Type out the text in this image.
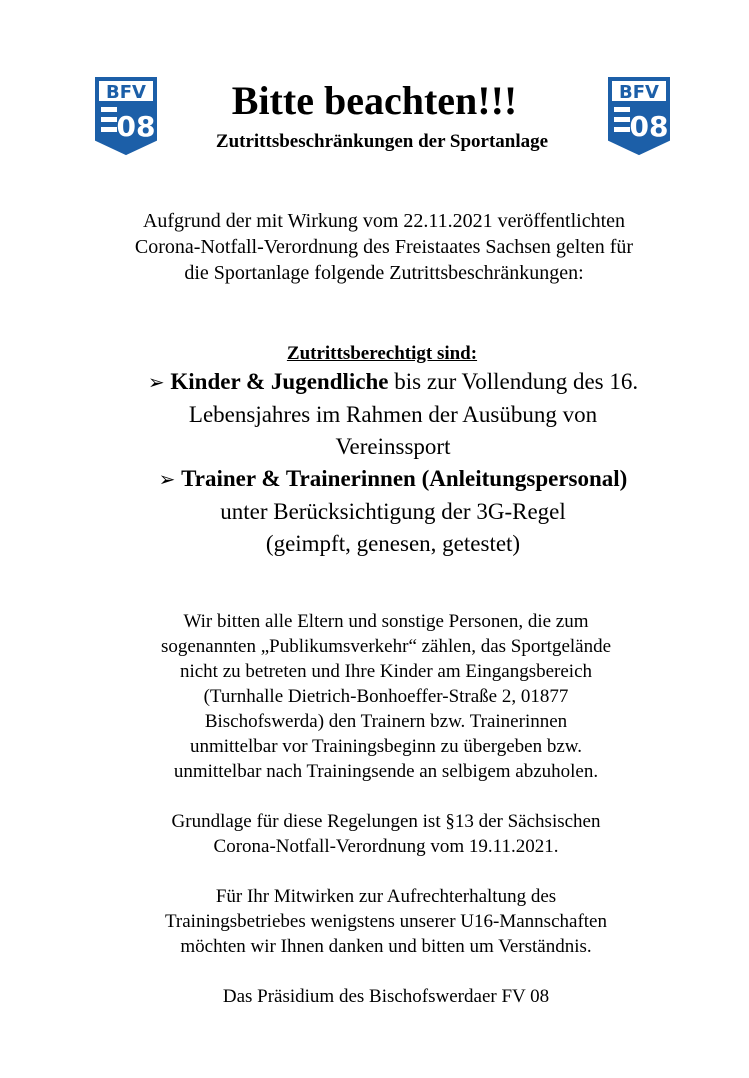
BFV
08
BFV
08
Bitte beachten!!!
Zutrittsbeschränkungen der Sportanlage
Aufgrund der mit Wirkung vom 22.11.2021 veröffentlichten
Corona-Notfall-Verordnung des Freistaates Sachsen gelten für
die Sportanlage folgende Zutrittsbeschränkungen:
Zutrittsberechtigt sind:
➢ Kinder & Jugendliche bis zur Vollendung des 16.
Lebensjahres im Rahmen der Ausübung von
Vereinssport
➢ Trainer & Trainerinnen (Anleitungspersonal)
unter Berücksichtigung der 3G-Regel
(geimpft, genesen, getestet)
Wir bitten alle Eltern und sonstige Personen, die zum
sogenannten „Publikumsverkehr“ zählen, das Sportgelände
nicht zu betreten und Ihre Kinder am Eingangsbereich
(Turnhalle Dietrich-Bonhoeffer-Straße 2, 01877
Bischofswerda) den Trainern bzw. Trainerinnen
unmittelbar vor Trainingsbeginn zu übergeben bzw.
unmittelbar nach Trainingsende an selbigem abzuholen.
Grundlage für diese Regelungen ist §13 der Sächsischen
Corona-Notfall-Verordnung vom 19.11.2021.
Für Ihr Mitwirken zur Aufrechterhaltung des
Trainingsbetriebes wenigstens unserer U16-Mannschaften
möchten wir Ihnen danken und bitten um Verständnis.
Das Präsidium des Bischofswerdaer FV 08
